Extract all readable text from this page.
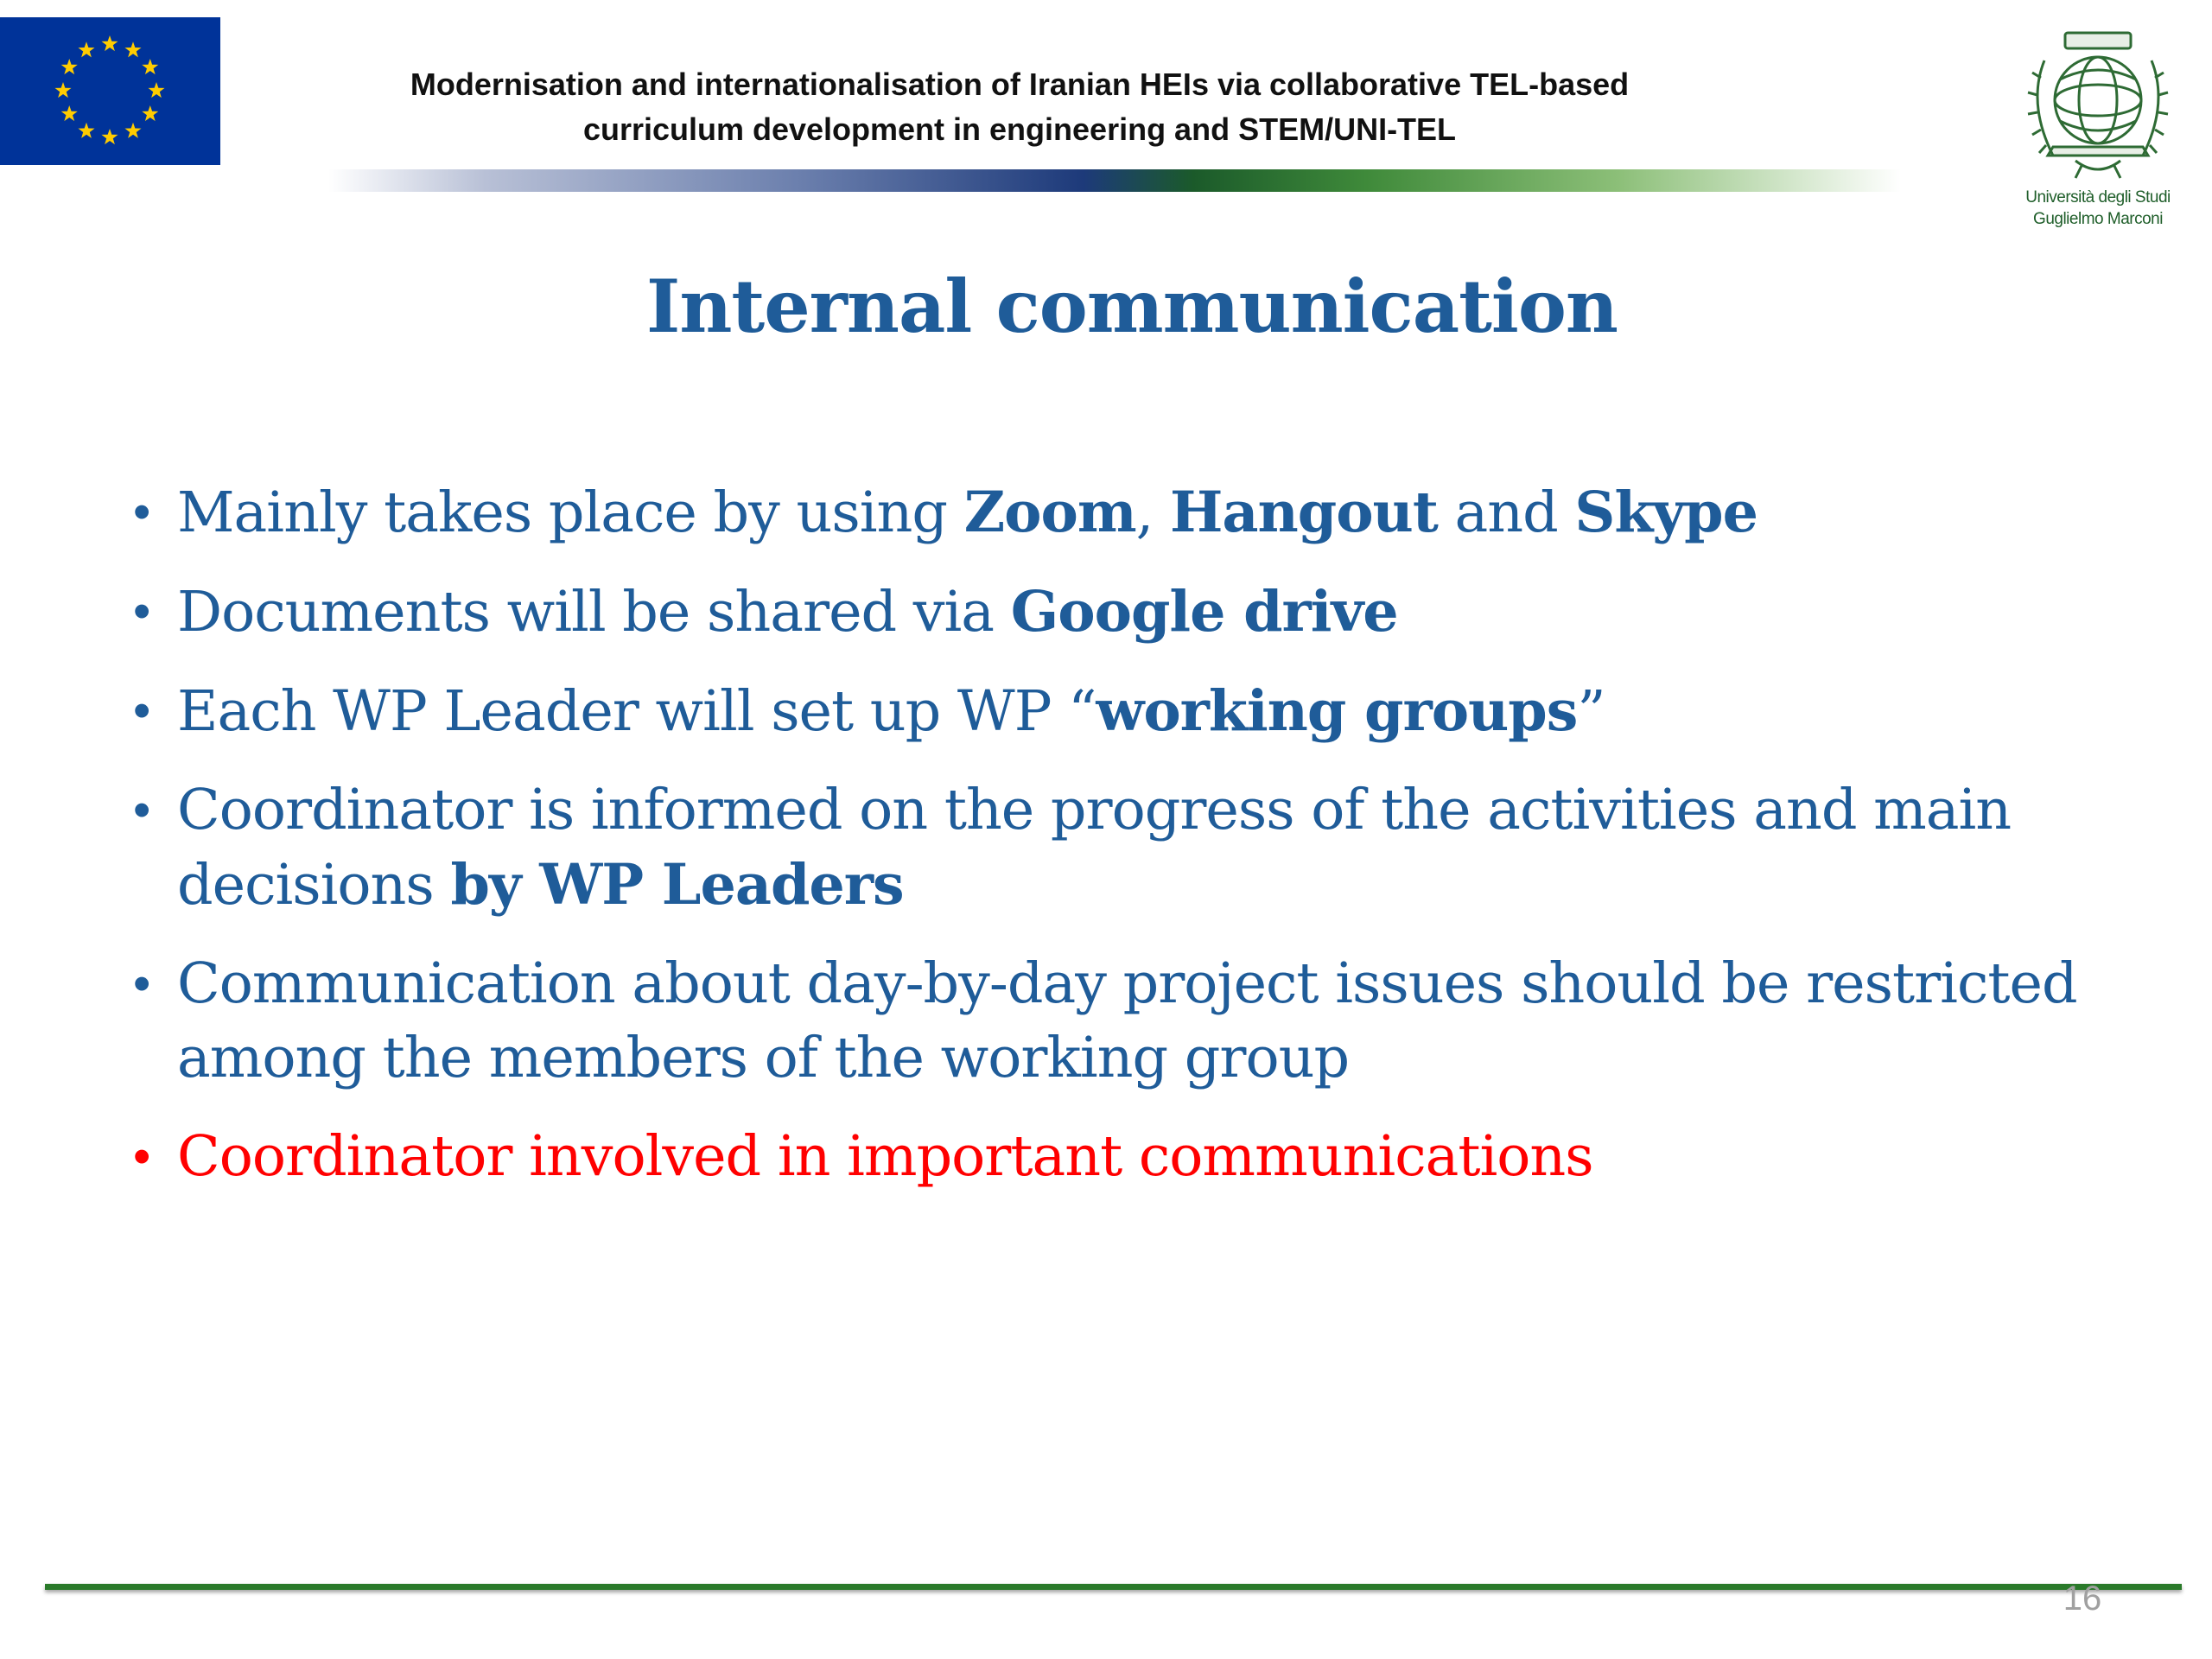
Modernisation and internationalisation of Iranian HEIs via collaborative TEL-based
curriculum development in engineering and STEM/UNI-TEL
Università degli Studi
Guglielmo Marconi
Internal communication
• Mainly takes place by using Zoom, Hangout and Skype
• Documents will be shared via Google drive
• Each WP Leader will set up WP “working groups”
• Coordinator is informed on the progress of the activities and main decisions by WP Leaders
• Communication about day-by-day project issues should be restricted among the members of the working group
• Coordinator involved in important communications
16
